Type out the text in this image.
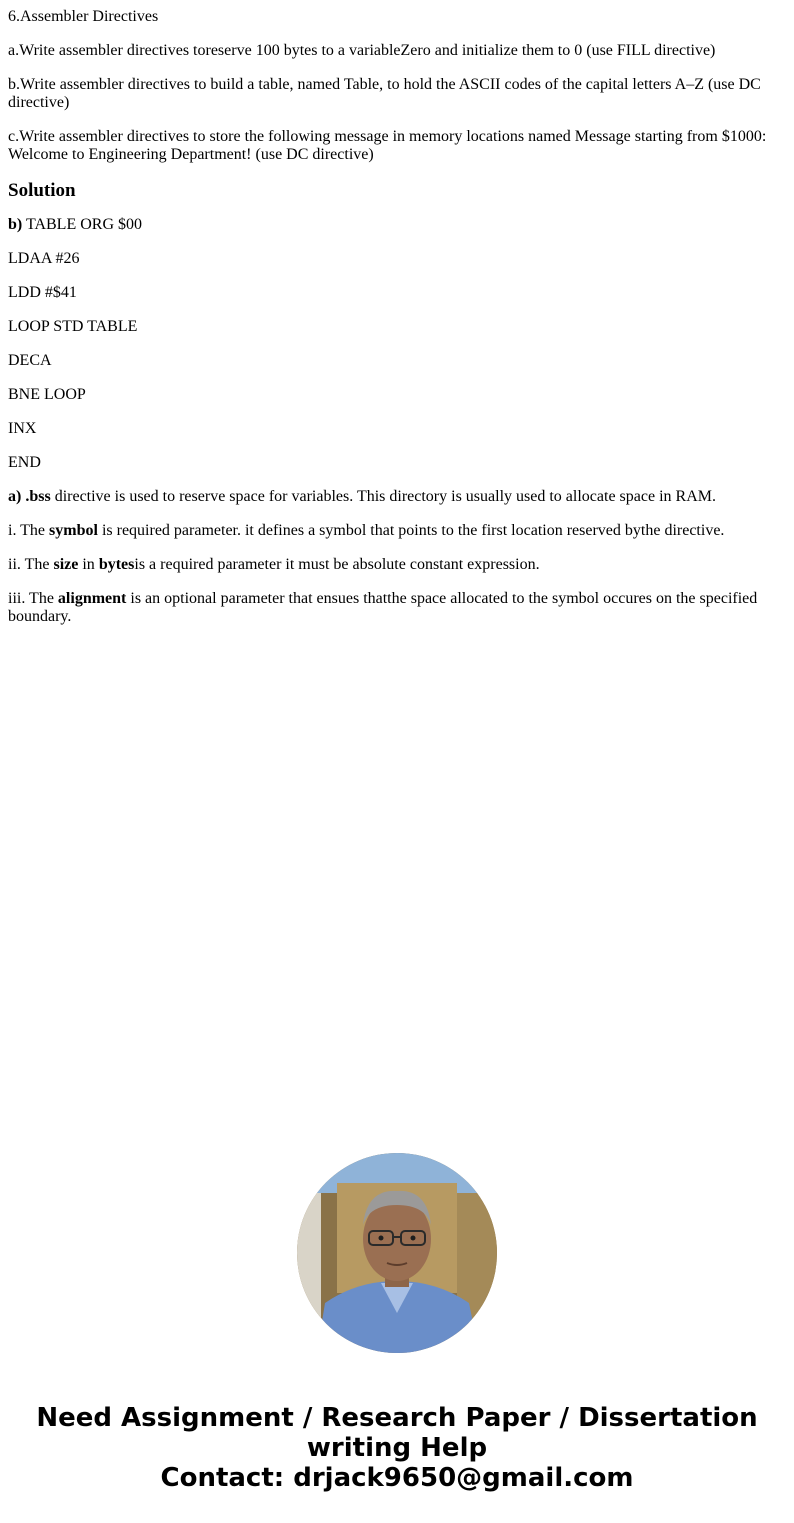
6.Assembler Directives

a.Write assembler directives toreserve 100 bytes to a variableZero and initialize them to 0 (use FILL directive)

b.Write assembler directives to build a table, named Table, to hold the ASCII codes of the capital letters A–Z (use DC directive)

c.Write assembler directives to store the following message in memory locations named Message starting from $1000: Welcome to Engineering Department! (use DC directive)

Solution

b) TABLE ORG $00

LDAA #26

LDD #$41

LOOP STD TABLE

DECA

BNE LOOP

INX

END

a) .bss directive is used to reserve space for variables. This directory is usually used to allocate space in RAM.

i. The symbol is required parameter. it defines a symbol that points to the first location reserved bythe directive.

ii. The size in bytesis a required parameter it must be absolute constant expression.

iii. The alignment is an optional parameter that ensues thatthe space allocated to the symbol occures on the specified boundary.

Need Assignment / Research Paper / Dissertation
writing Help
Contact: drjack9650@gmail.com
